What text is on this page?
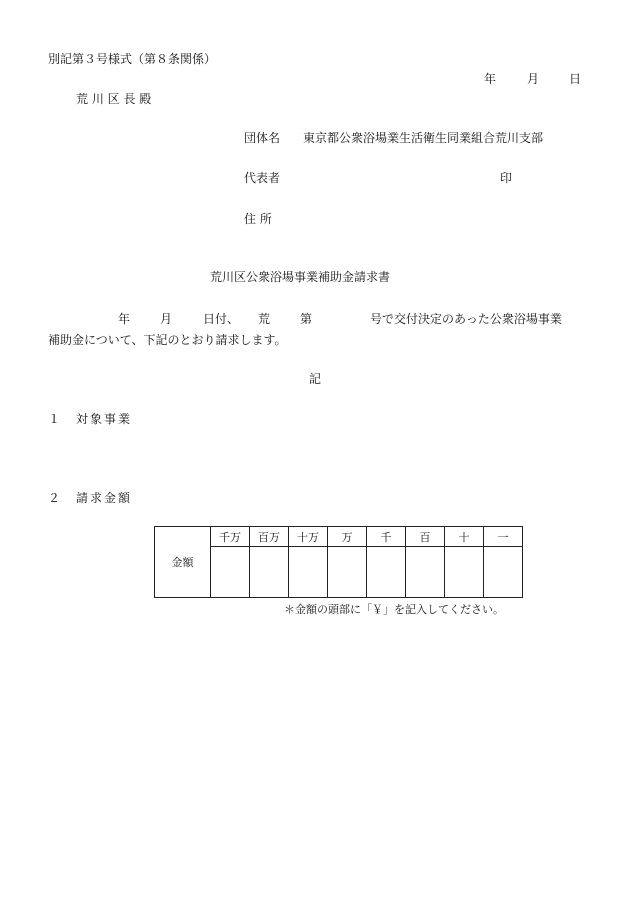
別記第３号様式（第８条関係）
年	月 日
荒 川 区 長 殿
団体名 東京都公衆浴場業生活衛生同業組合荒川支部
代表者	印
住 所
荒川区公衆浴場事業補助金請求書
年 月	日付、 荒 第	号で交付決定のあった公衆浴場事業
補助金について、下記のとおり請求します。
記
１ 対象事業
２ 請求金額
金額	千万	百万	十万	万	千	百	十	一

＊金額の頭部に「￥」を記入してください。
